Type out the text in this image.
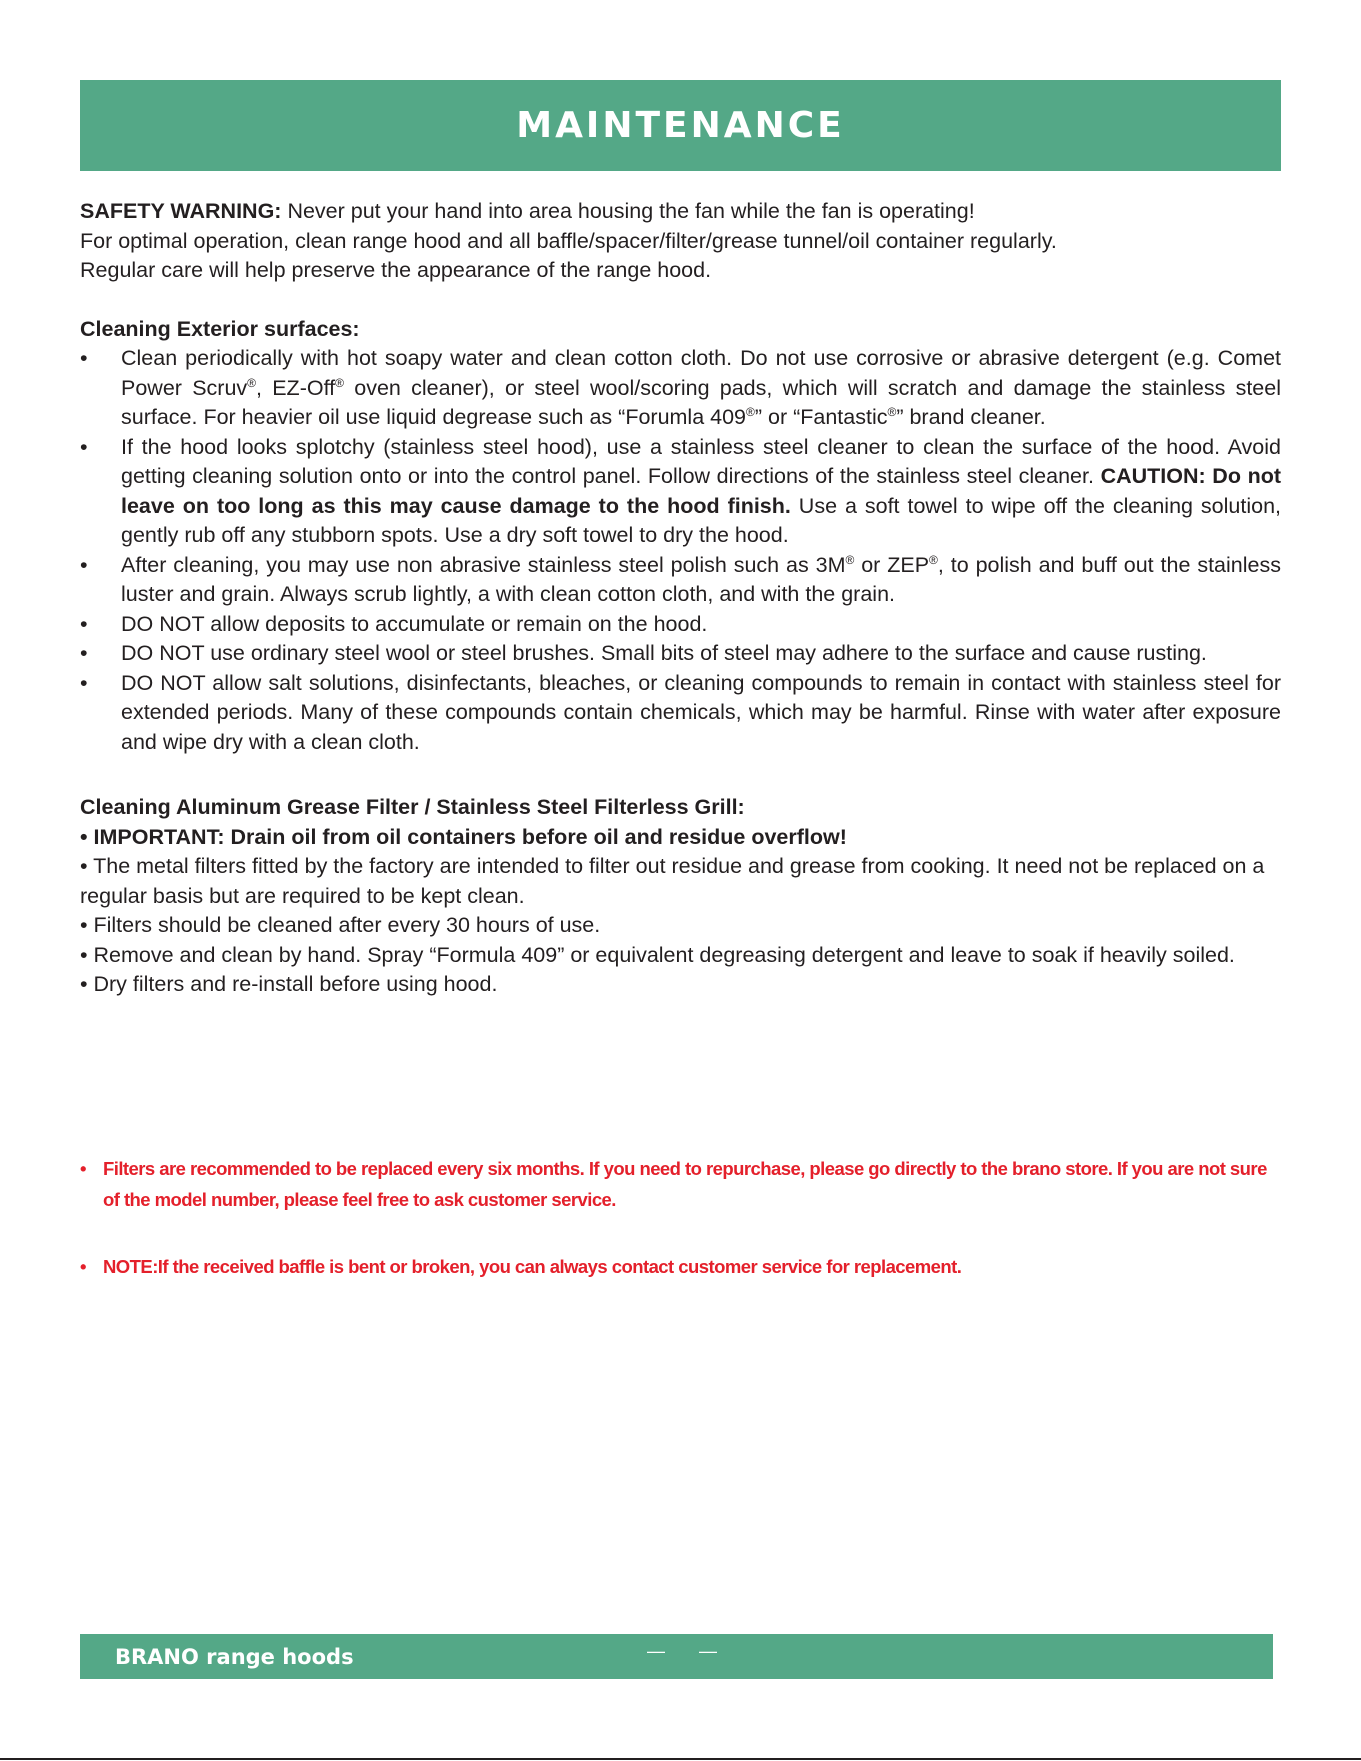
MAINTENANCE

SAFETY WARNING: Never put your hand into area housing the fan while the fan is operating!

For optimal operation, clean range hood and all baffle/spacer/filter/grease tunnel/oil container regularly.

Regular care will help preserve the appearance of the range hood.

Cleaning Exterior surfaces:

• Clean periodically with hot soapy water and clean cotton cloth. Do not use corrosive or abrasive detergent (e.g. Comet Power Scruv®, EZ-Off® oven cleaner), or steel wool/scoring pads, which will scratch and damage the stainless steel surface. For heavier oil use liquid degrease such as “Forumla 409®” or “Fantastic®” brand cleaner.
• If the hood looks splotchy (stainless steel hood), use a stainless steel cleaner to clean the surface of the hood. Avoid getting cleaning solution onto or into the control panel. Follow directions of the stainless steel cleaner. CAUTION: Do not leave on too long as this may cause damage to the hood finish. Use a soft towel to wipe off the cleaning solution, gently rub off any stubborn spots. Use a dry soft towel to dry the hood.
• After cleaning, you may use non abrasive stainless steel polish such as 3M® or ZEP®, to polish and buff out the stainless luster and grain. Always scrub lightly, a with clean cotton cloth, and with the grain.
• DO NOT allow deposits to accumulate or remain on the hood.
• DO NOT use ordinary steel wool or steel brushes. Small bits of steel may adhere to the surface and cause rusting.
• DO NOT allow salt solutions, disinfectants, bleaches, or cleaning compounds to remain in contact with stainless steel for extended periods. Many of these compounds contain chemicals, which may be harmful. Rinse with water after exposure and wipe dry with a clean cloth.

Cleaning Aluminum Grease Filter / Stainless Steel Filterless Grill:

• IMPORTANT: Drain oil from oil containers before oil and residue overflow!

• The metal filters fitted by the factory are intended to filter out residue and grease from cooking. It need not be replaced on a regular basis but are required to be kept clean.

• Filters should be cleaned after every 30 hours of use.

• Remove and clean by hand. Spray “Formula 409” or equivalent degreasing detergent and leave to soak if heavily soiled.

• Dry filters and re-install before using hood.

• Filters are recommended to be replaced every six months. If you need to repurchase, please go directly to the brano store. If you are not sure of the model number, please feel free to ask customer service.
• NOTE:If the received baffle is bent or broken, you can always contact customer service for replacement.
BRANO range hoods	— —
